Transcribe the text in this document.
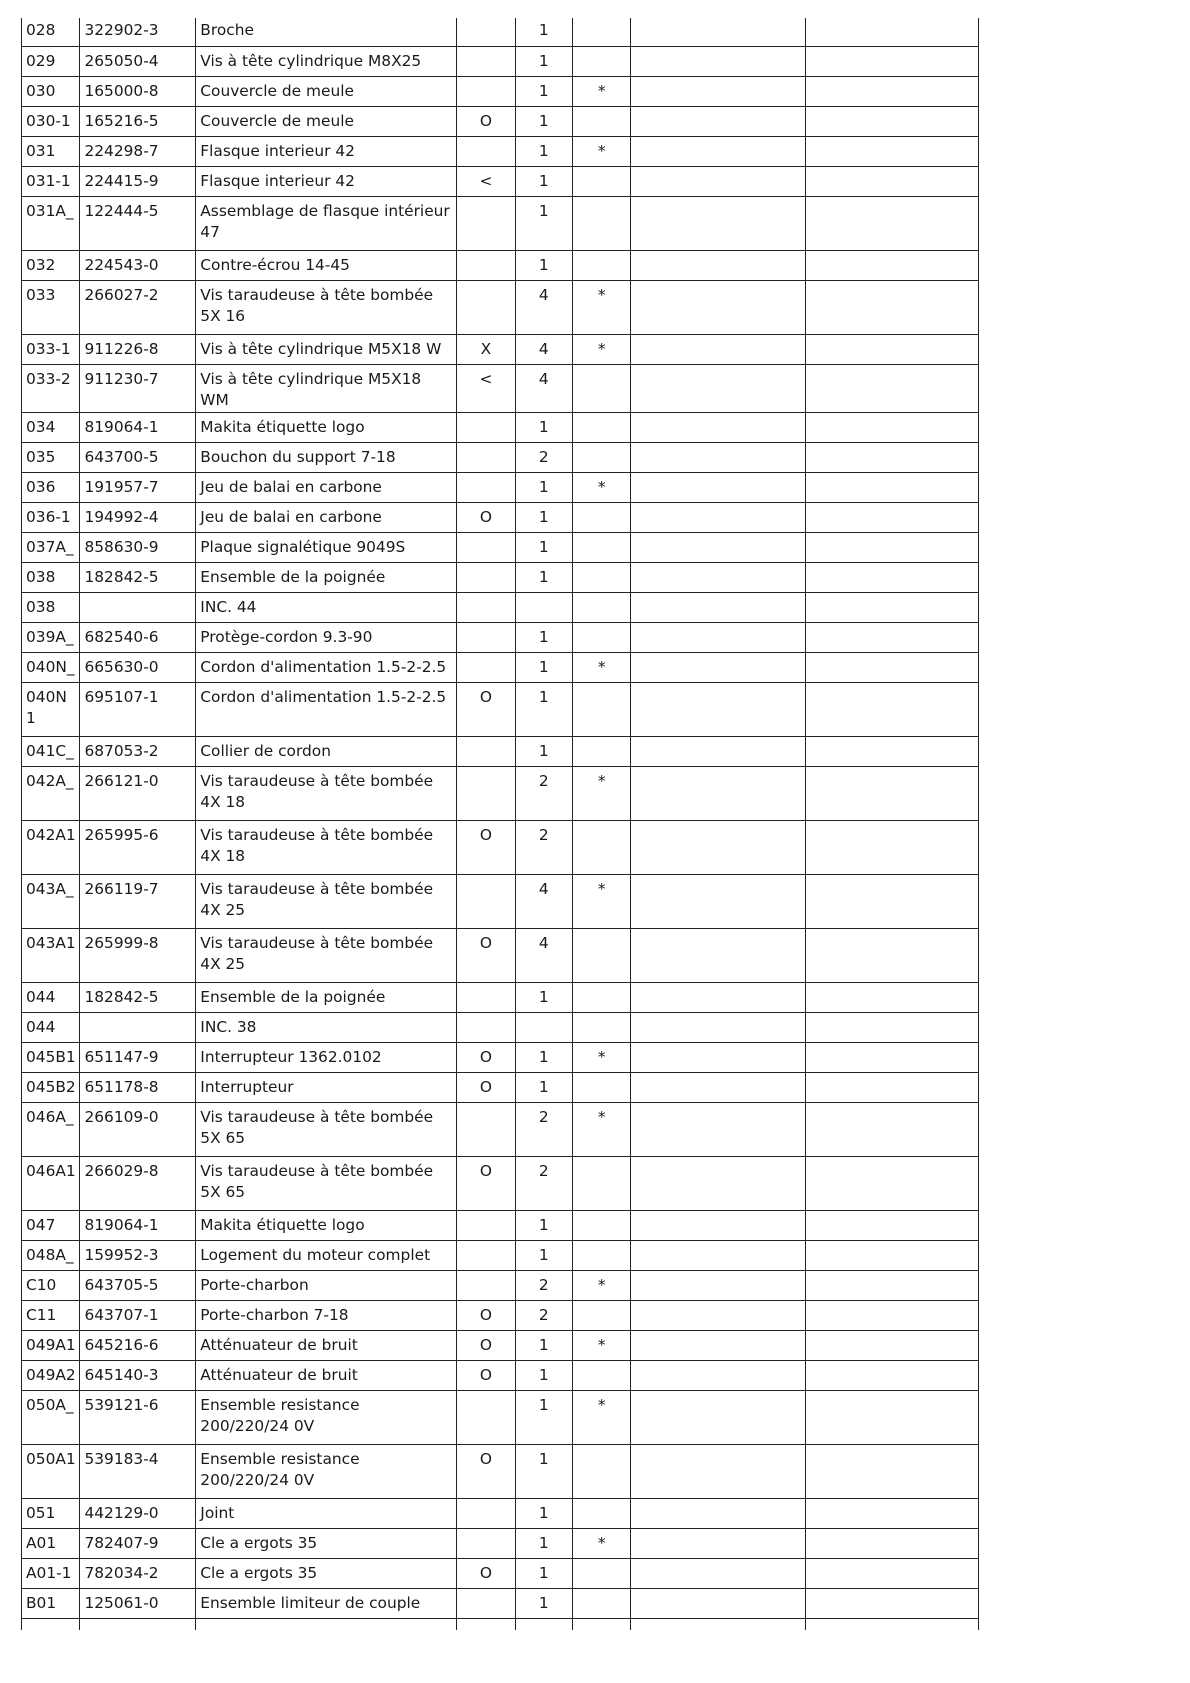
028	322902-3	Broche		1			
029	265050-4	Vis à tête cylindrique M8X25		1			
030	165000-8	Couvercle de meule		1	*		
030-1	165216-5	Couvercle de meule	O	1			
031	224298-7	Flasque interieur 42		1	*		
031-1	224415-9	Flasque interieur 42	<	1			
031A_	122444-5	Assemblage de flasque intérieur 47		1			
032	224543-0	Contre-écrou 14-45		1			
033	266027-2	Vis taraudeuse à tête bombée 5X 16		4	*		
033-1	911226-8	Vis à tête cylindrique M5X18 W	X	4	*		
033-2	911230-7	Vis à tête cylindrique M5X18 WM	<	4			
034	819064-1	Makita étiquette logo		1			
035	643700-5	Bouchon du support 7-18		2			
036	191957-7	Jeu de balai en carbone		1	*		
036-1	194992-4	Jeu de balai en carbone	O	1			
037A_	858630-9	Plaque signalétique 9049S		1			
038	182842-5	Ensemble de la poignée		1			
038		INC. 44					
039A_	682540-6	Protège-cordon 9.3-90		1			
040N_	665630-0	Cordon d'alimentation 1.5-2-2.5		1	*		
040N 1	695107-1	Cordon d'alimentation 1.5-2-2.5	O	1			
041C_	687053-2	Collier de cordon		1			
042A_	266121-0	Vis taraudeuse à tête bombée 4X 18		2	*		
042A1	265995-6	Vis taraudeuse à tête bombée 4X 18	O	2			
043A_	266119-7	Vis taraudeuse à tête bombée 4X 25		4	*		
043A1	265999-8	Vis taraudeuse à tête bombée 4X 25	O	4			
044	182842-5	Ensemble de la poignée		1			
044		INC. 38					
045B1	651147-9	Interrupteur 1362.0102	O	1	*		
045B2	651178-8	Interrupteur	O	1			
046A_	266109-0	Vis taraudeuse à tête bombée 5X 65		2	*		
046A1	266029-8	Vis taraudeuse à tête bombée 5X 65	O	2			
047	819064-1	Makita étiquette logo		1			
048A_	159952-3	Logement du moteur complet		1			
C10	643705-5	Porte-charbon		2	*		
C11	643707-1	Porte-charbon 7-18	O	2			
049A1	645216-6	Atténuateur de bruit	O	1	*		
049A2	645140-3	Atténuateur de bruit	O	1			
050A_	539121-6	Ensemble resistance 200/220/24 0V		1	*		
050A1	539183-4	Ensemble resistance 200/220/24 0V	O	1			
051	442129-0	Joint		1			
A01	782407-9	Cle a ergots 35		1	*		
A01-1	782034-2	Cle a ergots 35	O	1			
B01	125061-0	Ensemble limiteur de couple		1			
